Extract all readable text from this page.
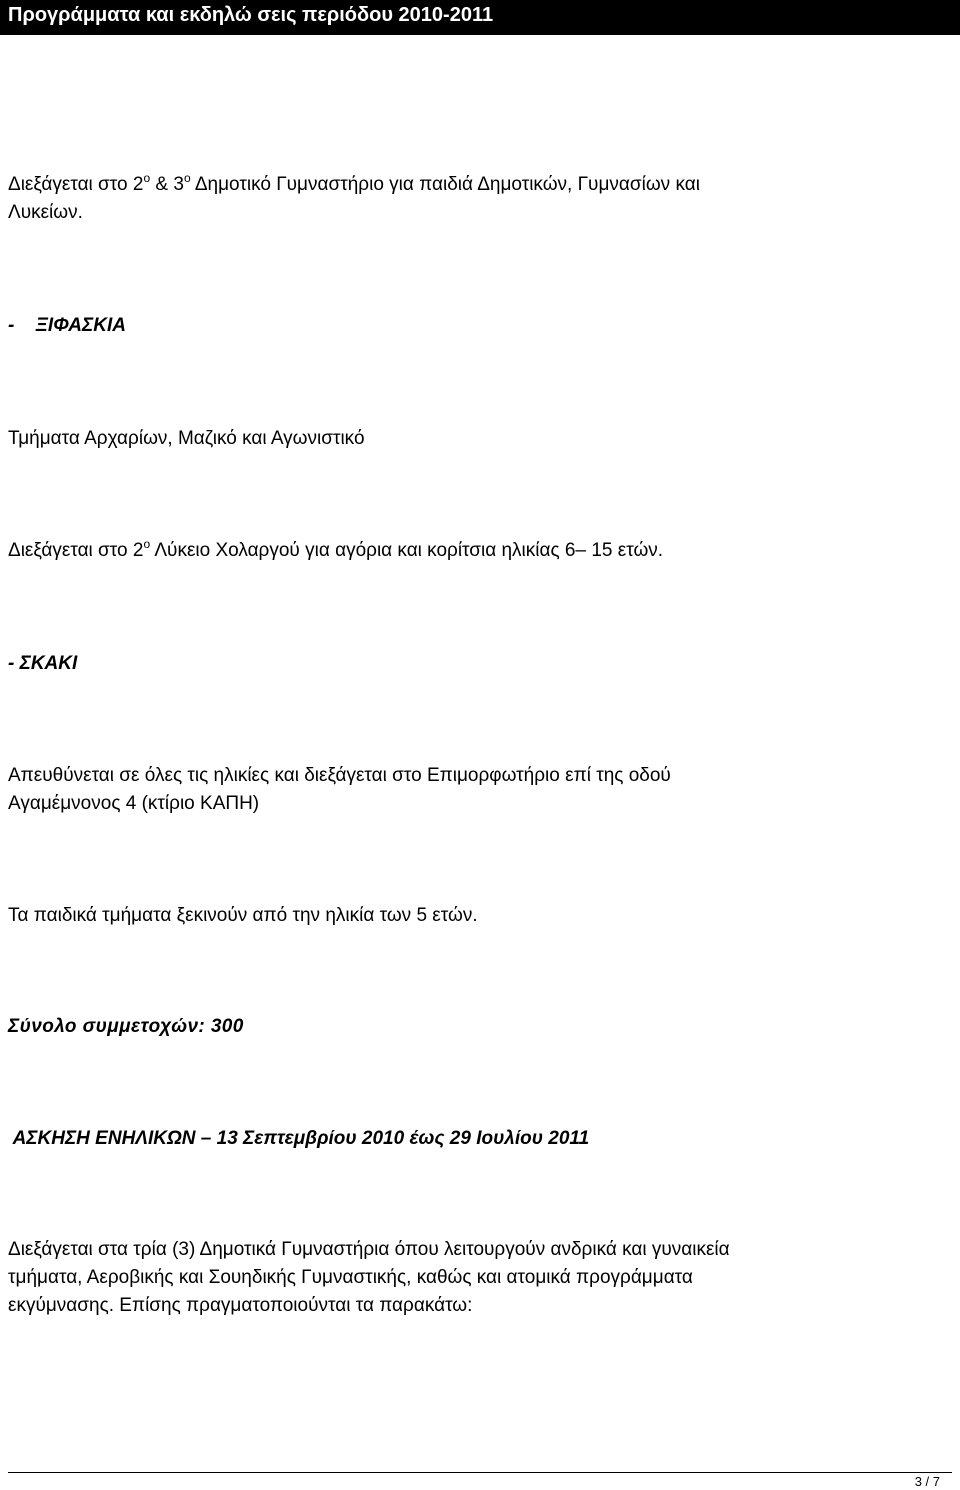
Προγράμματα και εκδηλώ σεις περιόδου 2010-2011

Διεξάγεται στο $2^o$ & $3^o$ Δημοτικό Γυμναστήριο για παιδιά Δημοτικών, Γυμνασίων και

Λυκείων.

-    ΞΙΦΑΣΚΙΑ

Τμήματα Αρχαρίων, Μαζικό και Αγωνιστικό

Διεξάγεται στο $2^o$ Λύκειο Χολαργού για αγόρια και κορίτσια ηλικίας 6– 15 ετών.

- ΣΚΑΚΙ

Απευθύνεται σε όλες τις ηλικίες και διεξάγεται στο Επιμορφωτήριο επί της οδού

Αγαμέμνονος 4 (κτίριο ΚΑΠΗ)

Τα παιδικά τμήματα ξεκινούν από την ηλικία των 5 ετών.

Σύνολο συμμετοχών: 300

ΑΣΚΗΣΗ ΕΝΗΛΙΚΩΝ – 13 Σεπτεμβρίου 2010 έως 29 Ιουλίου 2011

Διεξάγεται στα τρία (3) Δημοτικά Γυμναστήρια όπου λειτουργούν ανδρικά και γυναικεία

τμήματα, Αεροβικής και Σουηδικής Γυμναστικής, καθώς και ατομικά προγράμματα

εκγύμνασης. Επίσης πραγματοποιούνται τα παρακάτω:

3 / 7
